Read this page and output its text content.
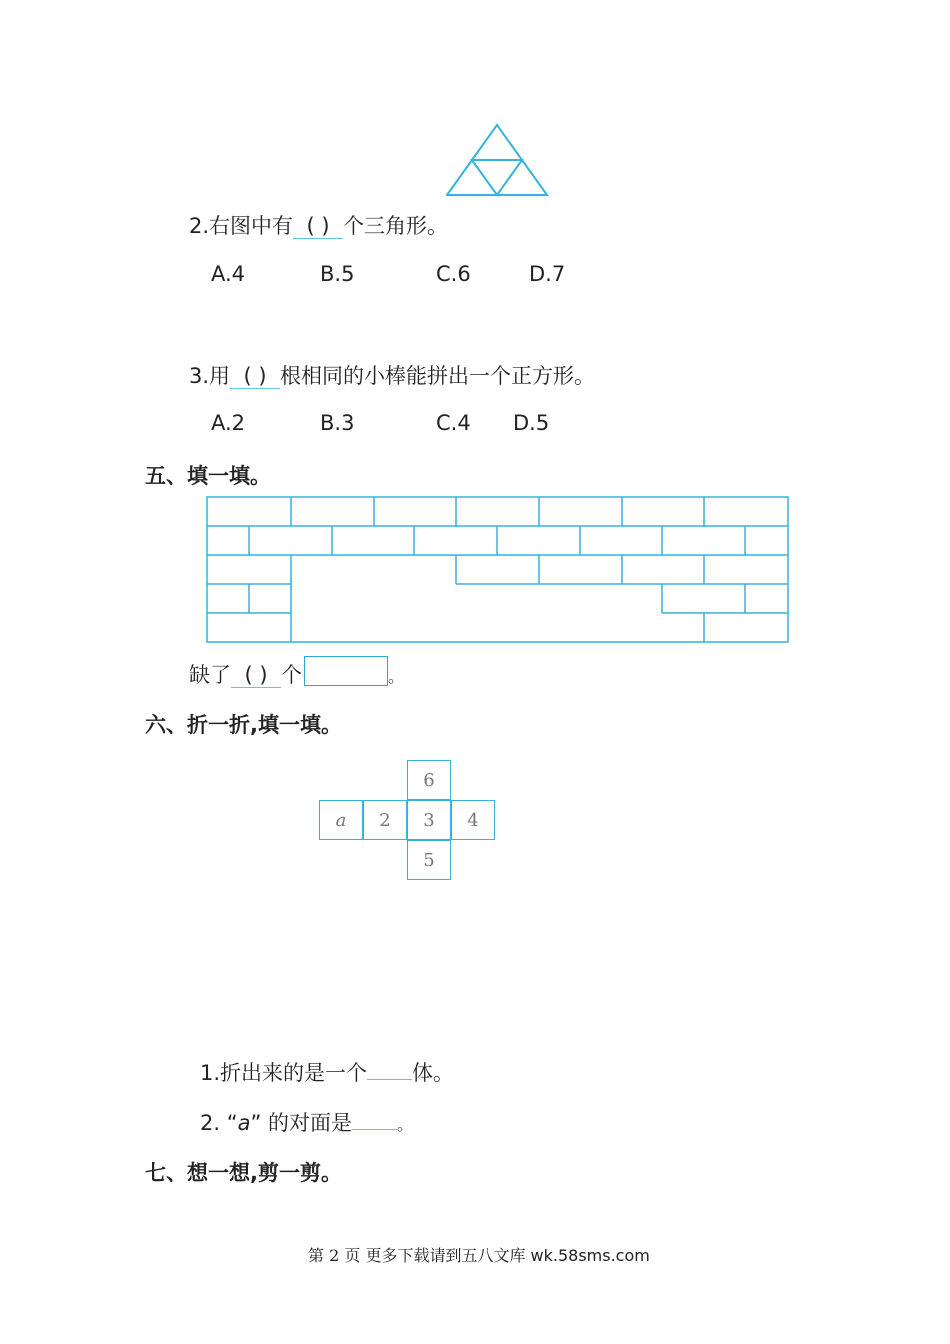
2.右图中有 ( ) 个三角形。
A.4	B.5	C.6	D.7
3.用 ( ) 根相同的小棒能拼出一个正方形。
A.2	B.3	C.4 D.5
五、填一填。
缺了 ( ) 个	。
六、折一折,填一填。
6
a	2	3	4
5
1.折出来的是一个 体。
2. “a” 的对面是	。
七、想一想,剪一剪。
第 2 页 更多下载请到五八文库 wk.58sms.com
